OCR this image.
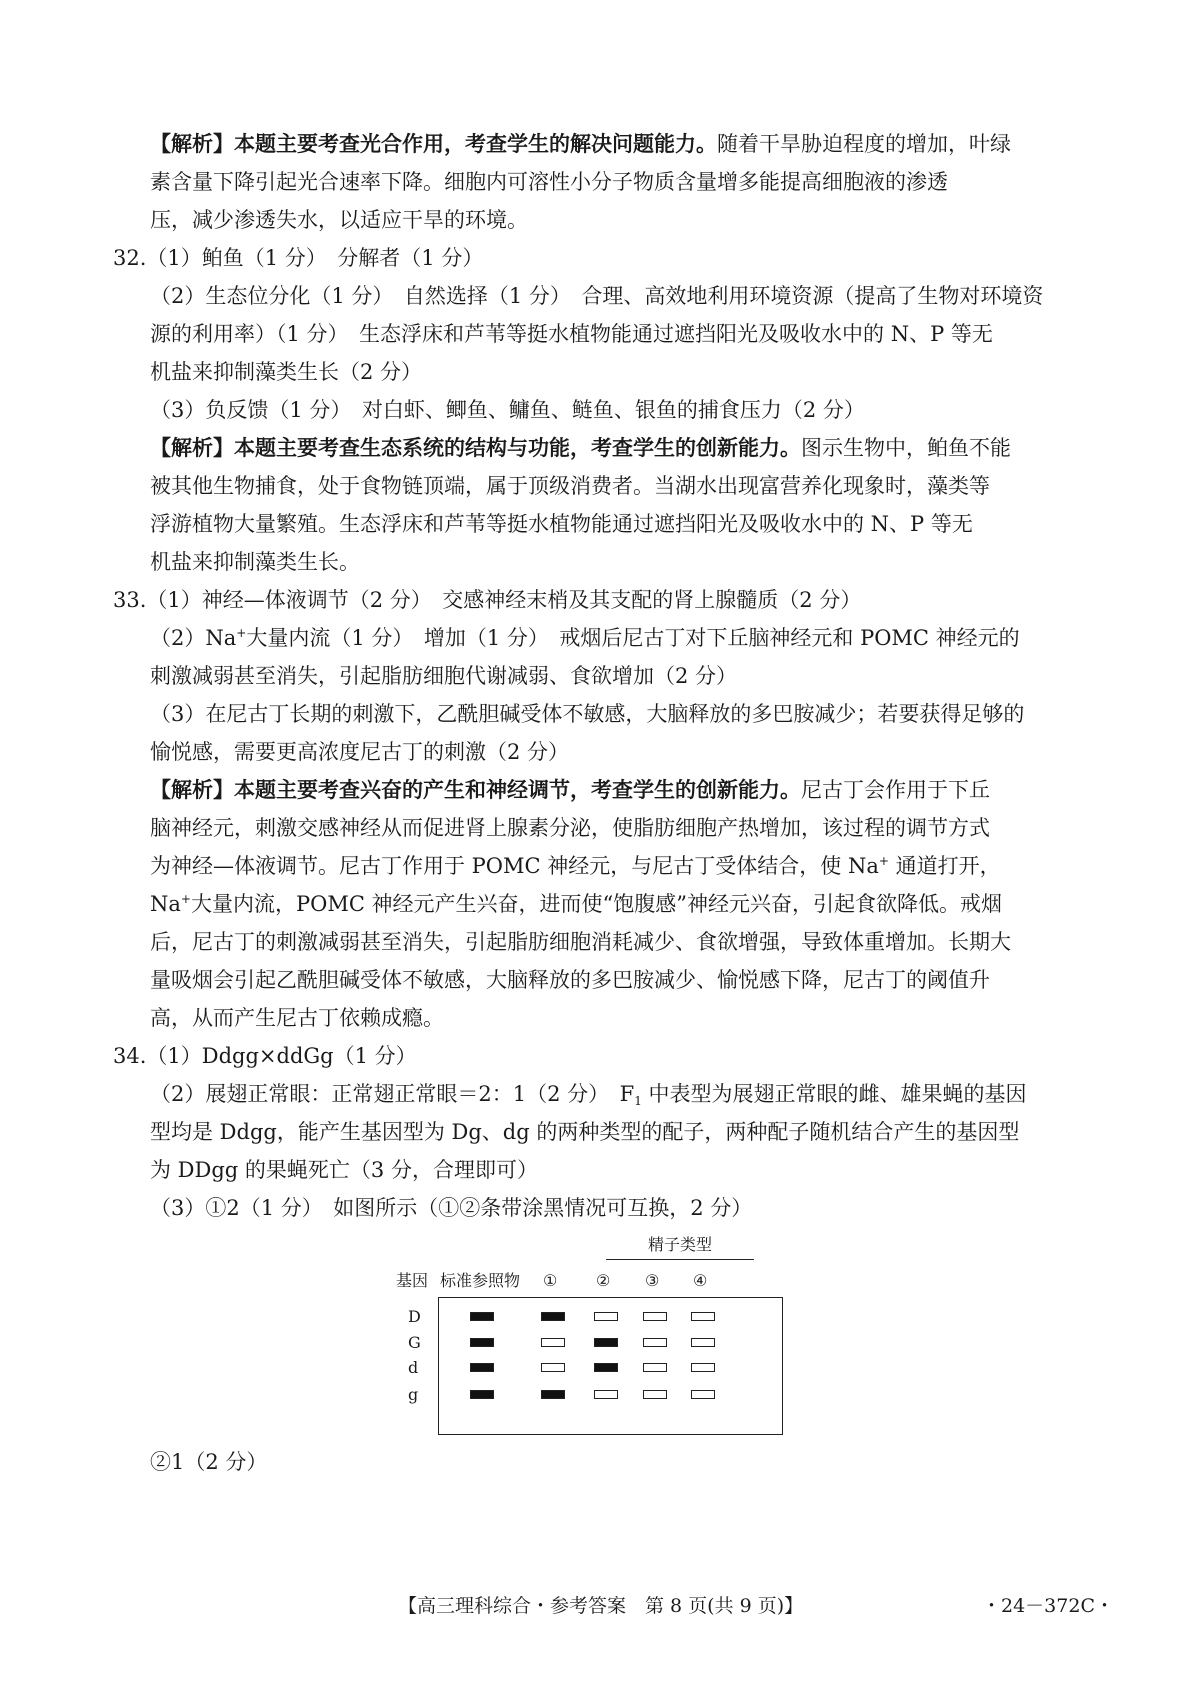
【解析】本题主要考查光合作用，考查学生的解决问题能力。随着干旱胁迫程度的增加，叶绿
素含量下降引起光合速率下降。细胞内可溶性小分子物质含量增多能提高细胞液的渗透
压，减少渗透失水，以适应干旱的环境。
32.（1）鲌鱼（1 分）　分解者（1 分）
（2）生态位分化（1 分）　自然选择（1 分）　合理、高效地利用环境资源（提高了生物对环境资
源的利用率）（1 分）　生态浮床和芦苇等挺水植物能通过遮挡阳光及吸收水中的 N、P 等无
机盐来抑制藻类生长（2 分）
（3）负反馈（1 分）　对白虾、鲫鱼、鳙鱼、鲢鱼、银鱼的捕食压力（2 分）
【解析】本题主要考查生态系统的结构与功能，考查学生的创新能力。图示生物中，鲌鱼不能
被其他生物捕食，处于食物链顶端，属于顶级消费者。当湖水出现富营养化现象时，藻类等
浮游植物大量繁殖。生态浮床和芦苇等挺水植物能通过遮挡阳光及吸收水中的 N、P 等无
机盐来抑制藻类生长。
33.（1）神经—体液调节（2 分）　交感神经末梢及其支配的肾上腺髓质（2 分）
（2）Na+大量内流（1 分）　增加（1 分）　戒烟后尼古丁对下丘脑神经元和 POMC 神经元的
刺激减弱甚至消失，引起脂肪细胞代谢减弱、食欲增加（2 分）
（3）在尼古丁长期的刺激下，乙酰胆碱受体不敏感，大脑释放的多巴胺减少；若要获得足够的
愉悦感，需要更高浓度尼古丁的刺激（2 分）
【解析】本题主要考查兴奋的产生和神经调节，考查学生的创新能力。尼古丁会作用于下丘
脑神经元，刺激交感神经从而促进肾上腺素分泌，使脂肪细胞产热增加，该过程的调节方式
为神经—体液调节。尼古丁作用于 POMC 神经元，与尼古丁受体结合，使 Na+ 通道打开，
Na+大量内流，POMC 神经元产生兴奋，进而使“饱腹感”神经元兴奋，引起食欲降低。戒烟
后，尼古丁的刺激减弱甚至消失，引起脂肪细胞消耗减少、食欲增强，导致体重增加。长期大
量吸烟会引起乙酰胆碱受体不敏感，大脑释放的多巴胺减少、愉悦感下降，尼古丁的阈值升
高，从而产生尼古丁依赖成瘾。
34.（1）Ddgg×ddGg（1 分）
（2）展翅正常眼：正常翅正常眼＝2：1（2 分）　$F_1$ 中表型为展翅正常眼的雌、雄果蝇的基因
型均是 Ddgg，能产生基因型为 Dg、dg 的两种类型的配子，两种配子随机结合产生的基因型
为 DDgg 的果蝇死亡（3 分，合理即可）
（3）①2（1 分）　如图所示（①②条带涂黑情况可互换，2 分）
精子类型
基因 标准参照物 ① ② ③ ④
D
G
d
g
②1（2 分）
【高三理科综合・参考答案　第 8 页(共 9 页)】	・24－372C・
